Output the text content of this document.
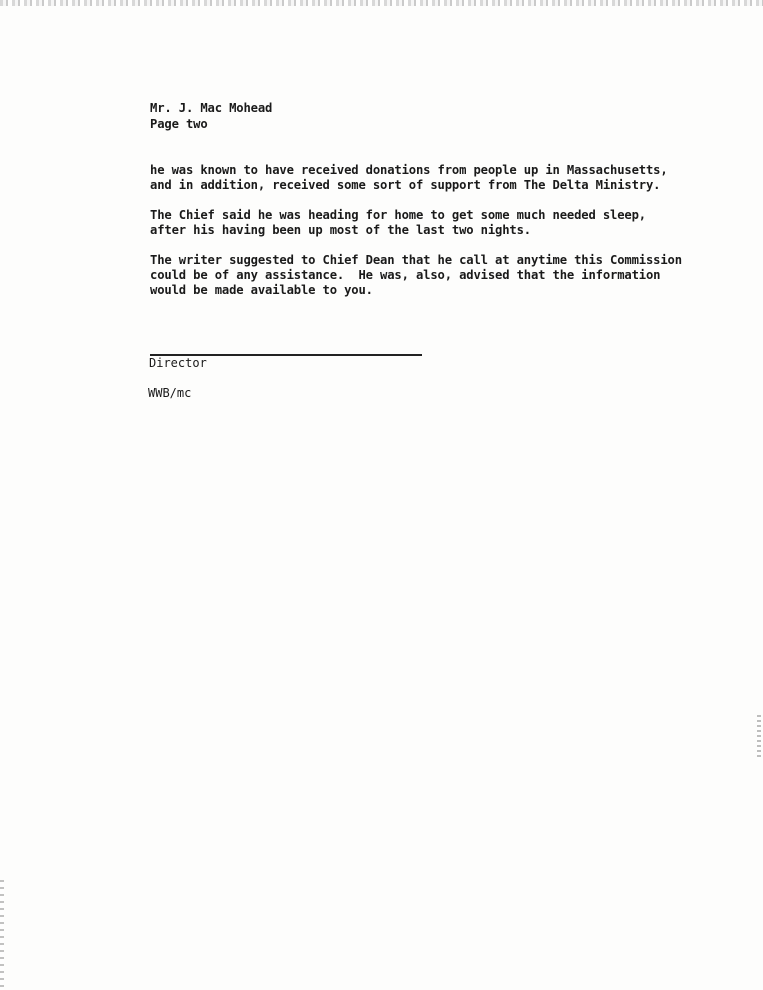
Mr. J. Mac Mohead
Page two
he was known to have received donations from people up in Massachusetts,
and in addition, received some sort of support from The Delta Ministry.
The Chief said he was heading for home to get some much needed sleep,
after his having been up most of the last two nights.
The writer suggested to Chief Dean that he call at anytime this Commission
could be of any assistance.  He was, also, advised that the information
would be made available to you.
Director
WWB/mc
